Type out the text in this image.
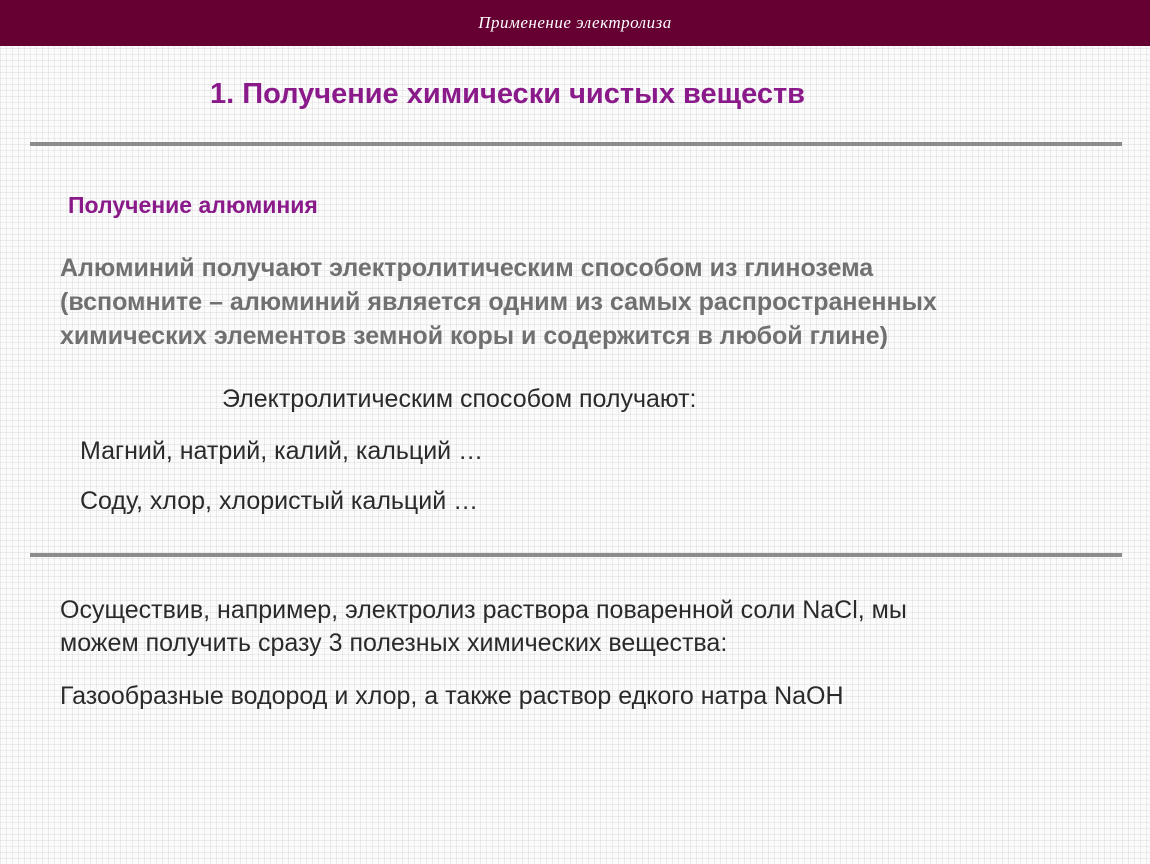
Применение электролиза
1. Получение химически чистых веществ
Получение алюминия
Алюминий получают электролитическим способом из глинозема
(вспомните – алюминий является одним из самых распространенных
химических элементов земной коры и содержится в любой глине)
Электролитическим способом получают:
Магний, натрий, калий, кальций …
Соду, хлор, хлористый кальций …
Осуществив, например, электролиз раствора поваренной соли NaCl, мы
можем получить сразу 3 полезных химических вещества:
Газообразные водород и хлор, а также раствор едкого натра NaOH
